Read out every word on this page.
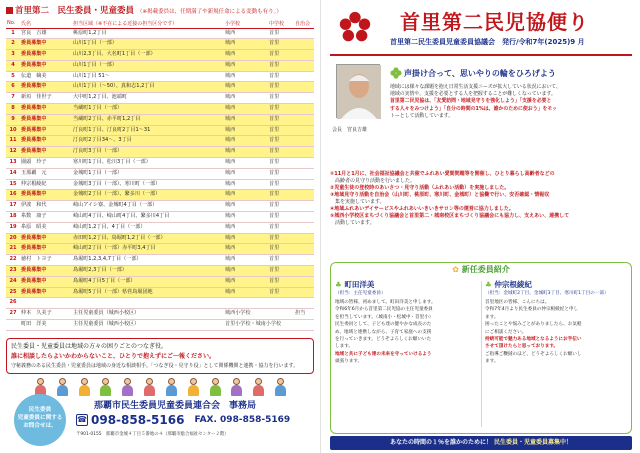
首里第二　民生委員・児童委員 （※掲載委員は、任期満了や新規任命による変動も有り。）
No.	氏名	担当区域（※不在による近接の担当区分です）	小学校	中学校	自治会
1	宮良　吉雄	桃原町1,2丁目	城西	首里	
2	委員募集中	山川1丁目（一部）	城西	首里	
3	委員募集中	山川2,3丁目、大名町1丁目（一部）	城西	首里	
4	委員募集中	山川1丁目（一部）	城西	首里	
5	伝道　嫡美	山川1丁目 51〜	城西	首里	
6	委員募集中	山川1丁目（〜50）、真和志1,2丁目	城西	首里	
7	新垣　佳世子	大中町1,2丁目、池端町	城西	首里	
8	委員募集中	当蔵町1丁目（一部）	城西	首里	
9	委員募集中	当蔵町2丁目、赤平町1,2丁目	城西	首里	
10	委員募集中	汀良町1丁目、汀良町2丁目1〜31	城西	首里	
11	委員募集中	汀良町2丁目34〜、3丁目	城西	首里	
12	委員募集中	汀良町3丁目（一部）	城西	首里	
13	園頭　玲子	寒川町1丁目、松川3丁目（一部）	城西	首里	
14	玉那覇　元	金城町1丁目（一部）	城西	首里	
15	仲宗根綾紀	金城町3丁目（一部）、寒川町（一部）	城西	首里	
16	委員募集中	金城町2丁目（一部）、繁多川（一部）	城西	首里	
17	伊波　和代	崎山アイシ寮、金城町4丁目（一部）	城西	首里	
18	糸数　康子	崎山町4丁目、崎山町4丁目、繁多川4丁目	城西	首里	
19	糸原　昭美	崎山町1,2丁目、4丁目（一部）	城西	首里	
20	委員募集中	赤田町1,2丁目、鳥堀町1,2丁目（一部）	城西	首里	
21	委員募集中	崎山町2丁目（一部）赤平町3,4丁目	城西	首里	
22	徳村　トヨ子	鳥堀町1,2,3,4,7丁目（一部）	城西	首里	
23	委員募集中	鳥堀町2,3丁目（一部）	城西	首里	
24	委員募集中	鳥堀町4丁目5丁目（一部）	城西	首里	
25	委員募集中	鳥堀町5丁目（一部）県営鳥堀団地	城西	首里	
26					
27	仲本　久美子	主任児童委員（城西小校区）	城西小学校		担当
	町田　洋美	主任児童委員（城西小校区）	首里小学校・城南小学校		
民生委員・児童委員は地域の方々の困りごとのつなぎ役。
誰に相談したらよいかわからないこと、ひとりで抱えずにご一報ください。
守秘義務のある民生委員・児童委員は地域の身近な相談相手。「つなぎ役・見守り役」として関係機関と連携・協力を行います。
民生委員
児童委員に関する
お問合せは、
那覇市民生委員児童委員連合会　事務局
☎ 098-858-5166 FAX. 098-858-5169
〒901-0155　那覇市金城４丁目５番地の４（那覇市総合福祉センター２階）
首里第二民児協便り
首里第二民生委員児童委員協議会　発行/令和7年(2025)9 月
会長　宮良吉雄
声掛け合って、思いやりの輪をひろげよう

地域には様々な課題を抱え日常生活支援ニーズが拡大している状況において、

地域の実情や、支援を必要とする人を把握することが難しくなっています。

首里第二民児協は、「友愛訪問・地域見守りを強化しよう」「支援を必要と

する人々をみつけよう」「自分の時間の1%は、誰かのために使おう」をモッ

トーとして活動しています。

①11月と1月に、社会福祉協議会と共催でふれあい愛間問題等を開催し、ひとり暮らし高齢者などの

　高齢者の見守り活動を行いました。

②児童生徒の登校時のあいさつ・見守り活動（ふれあい活動）を実施しました。

③地域見守り活動を自治会（山川町、桃原町、寒川町、金城町）と協働で行い、安否確認・情報収

　集を実施しています。

④地域ふれあいデイサービスやふれあいいきいきサロン等の運営に協力しました。

⑤城西小学校区まちづくり協議会と首里第二・城南校区まちづくり協議会にも協力し、支えあい、連携して

　活動しています。

✿ 新任委員紹介
♣ 町田洋美
（担当：主任児童委員）

地域の皆様、初めまして。町田洋美と申します。

令和6年6月から首里第二民児協の主任児童委員

を担当しています。（城南小・松城中・首里小）

民生委員として、子ども達の健やかな成長のた

め、地域と連携しながら、子育て家庭への支援

を行っていきます。どうぞよろしくお願いいた

します。

地域と共に子ども達の未来を守っていけるよう

頑張ります。

♣ 仲宗根綾紀
（担当：金城町2丁目、金城町3丁目、寒川町1丁目の一部）

首里地区の皆様、こんにちは。

令和7年4月より民生委員の仲宗根綾紀と申し

ます。

困ったことや悩みごとがありましたら、お気軽

にご相談ください。

持続可能で魅力ある地域となるようにお手伝い

させて頂けたらと思っております。

ご指導ご鞭撻のほど、どうぞよろしくお願いし

ます。

あなたの時間の１％を誰かのために！ 民生委員・児童委員募集中！
